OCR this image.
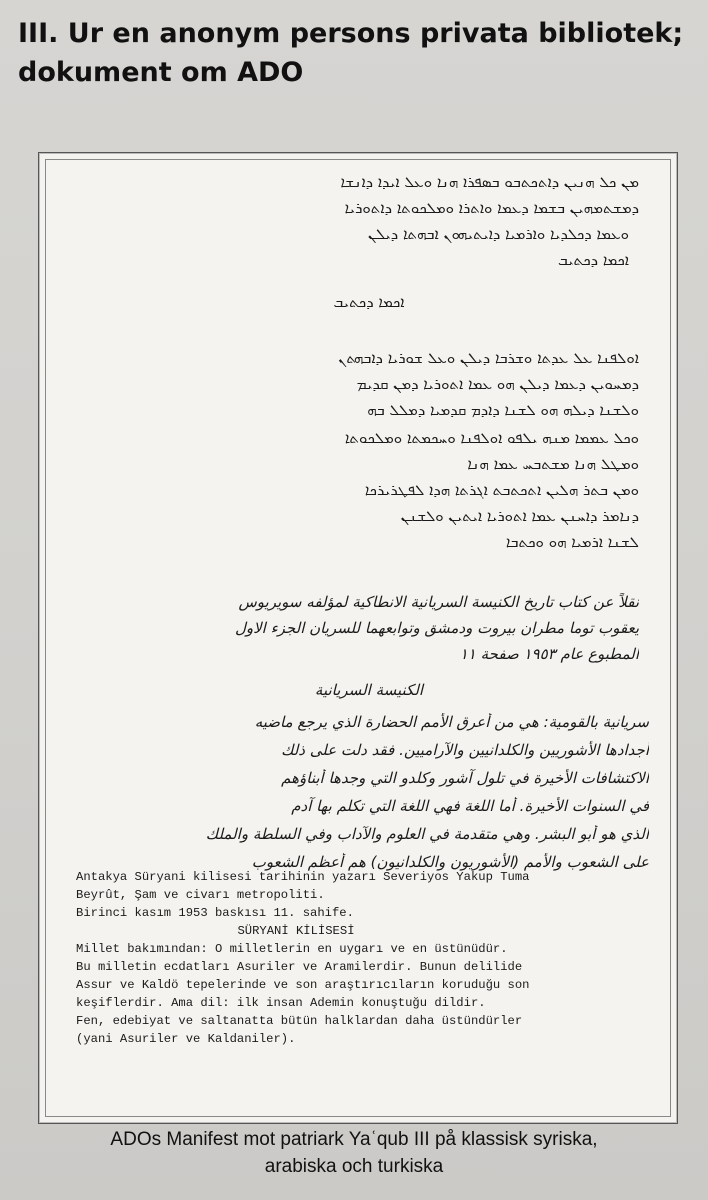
III. Ur en anonym persons privata bibliotek;
dokument om ADO
ܡܢ ܟܠ ܗܢܝܢ ܕܐܬܟܬܒܘ ܒܣܦܪܐ ܗܢܐ ܘܥܠ ܐܝܕܐ ܕܐܢܫܐ
ܕܡܫܬܡܗܝܢ ܒܫܡܐ ܕܥܡܐ ܘܐܬܪܐ ܘܡܠܟܘܬܐ ܕܐܬܘܪܝܐ
ܘܥܡܐ ܕܟܠܕܝܐ ܘܐܪܡܝܐ ܕܐܝܬܝܗܘܢ ܐܒܗܬܐ ܕܝܠܢ
ܐܟܡܐ ܕܟܬܝܒ
ܐܟܡܐ ܕܟܬܝܒ
ܐܘܠܦܢܐ ܥܠ ܥܕܬܐ ܘܫܪܒܐ ܕܝܠܢ ܘܥܠ ܫܘܪܝܐ ܕܐܒܗܬܢ
ܕܡܚܘܝܢ ܕܥܡܐ ܕܝܠܢ ܗܘ ܥܡܐ ܐܬܘܪܝܐ ܕܡܢ ܩܕܝܡ
ܘܠܫܢܐ ܕܝܠܗ ܗܘ ܠܫܢܐ ܕܐܕܡ ܩܕܡܝܐ ܕܡܠܠ ܒܗ
ܘܟܠ ܥܡܡܐ ܡܢܗ ܝܠܦܘ ܐܘܠܦܢܐ ܘܚܟܡܬܐ ܘܡܠܟܘܬܐ
ܘܡܛܠ ܗܢܐ ܡܫܬܒܚ ܥܡܐ ܗܢܐ
ܘܡܢ ܒܬܪ ܗܠܝܢ ܐܬܟܬܒܬ ܐܓܪܬܐ ܗܕܐ ܠܦܛܪܝܪܟܐ
ܕܢܐܡܪ ܕܐܚܢܢ ܥܡܐ ܐܬܘܪܝܐ ܐܝܬܝܢ ܘܠܫܢܢ
ܠܫܢܐ ܐܪܡܝܐ ܗܘ ܘܟܬܒܐ
نقلاً عن كتاب تاريخ الكنيسة السريانية الانطاكية لمؤلفه سويريوس
يعقوب توما مطران بيروت ودمشق وتوابعهما للسريان الجزء الاول
المطبوع عام ١٩٥٣ صفحة ١١
الكنيسة السريانية
سريانية بالقومية: هي من أعرق الأمم الحضارة الذي يرجع ماضيه
أجدادها الأشوريين والكلدانيين والآراميين. فقد دلت على ذلك
الاكتشافات الأخيرة في تلول آشور وكلدو التي وجدها أبناؤهم
في السنوات الأخيرة. أما اللغة فهي اللغة التي تكلم بها آدم
الذي هو أبو البشر. وهي متقدمة في العلوم والآداب وفي السلطة والملك
على الشعوب والأمم (الأشوريون والكلدانيون) هم أعظم الشعوب
Antakya Süryani kilisesi tarihinin yazarı Severiyos Yakup Tuma
Beyrût, Şam ve civarı metropoliti.
Birinci kasım 1953 baskısı 11. sahife.
SÜRYANİ KİLİSESİ
Millet bakımından: O milletlerin en uygarı ve en üstünüdür.
Bu milletin ecdatları Asuriler ve Aramilerdir. Bunun delilide
Assur ve Kaldö tepelerinde ve son araştırıcıların koruduğu son
keşiflerdir. Ama dil: ilk insan Ademin konuştuğu dildir.
Fen, edebiyat ve saltanatta bütün halklardan daha üstündürler
(yani Asuriler ve Kaldaniler).
ADOs Manifest mot patriark Yaʿqub III på klassisk syriska,
arabiska och turkiska
